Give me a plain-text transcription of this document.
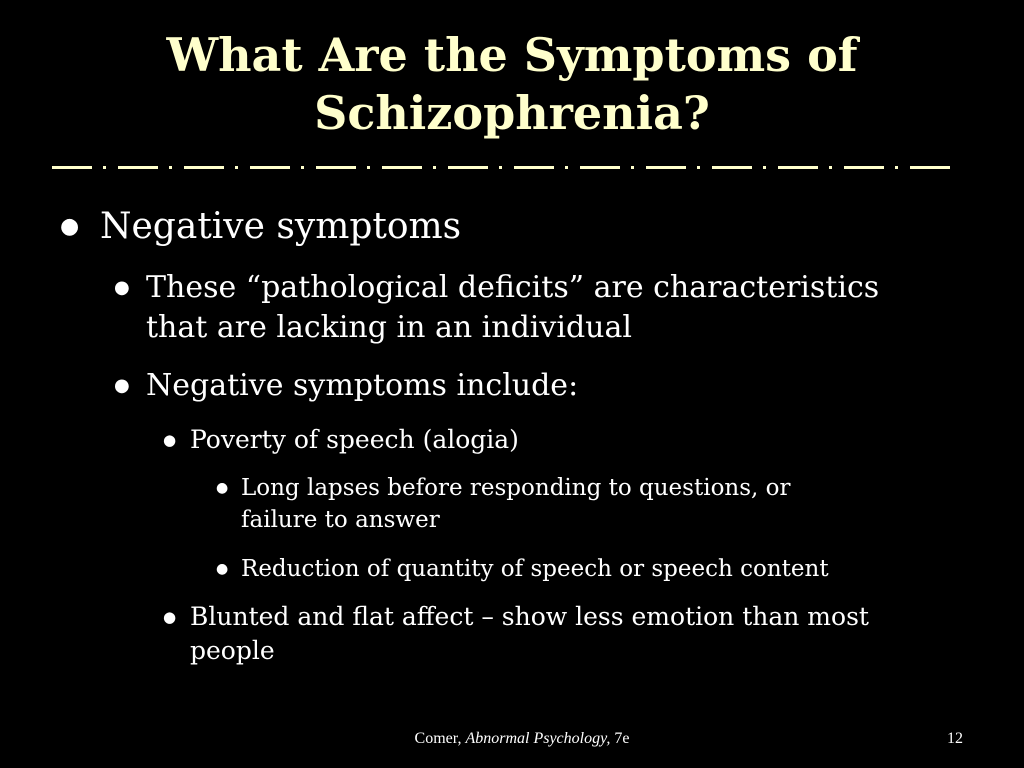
What Are the Symptoms of
Schizophrenia?

● Negative symptoms

● These “pathological deficits” are characteristics
that are lacking in an individual

● Negative symptoms include:

● Poverty of speech (alogia)

● Long lapses before responding to questions, or
failure to answer

● Reduction of quantity of speech or speech content

● Blunted and flat affect – show less emotion than most
people

Comer, Abnormal Psychology, 7e	12
